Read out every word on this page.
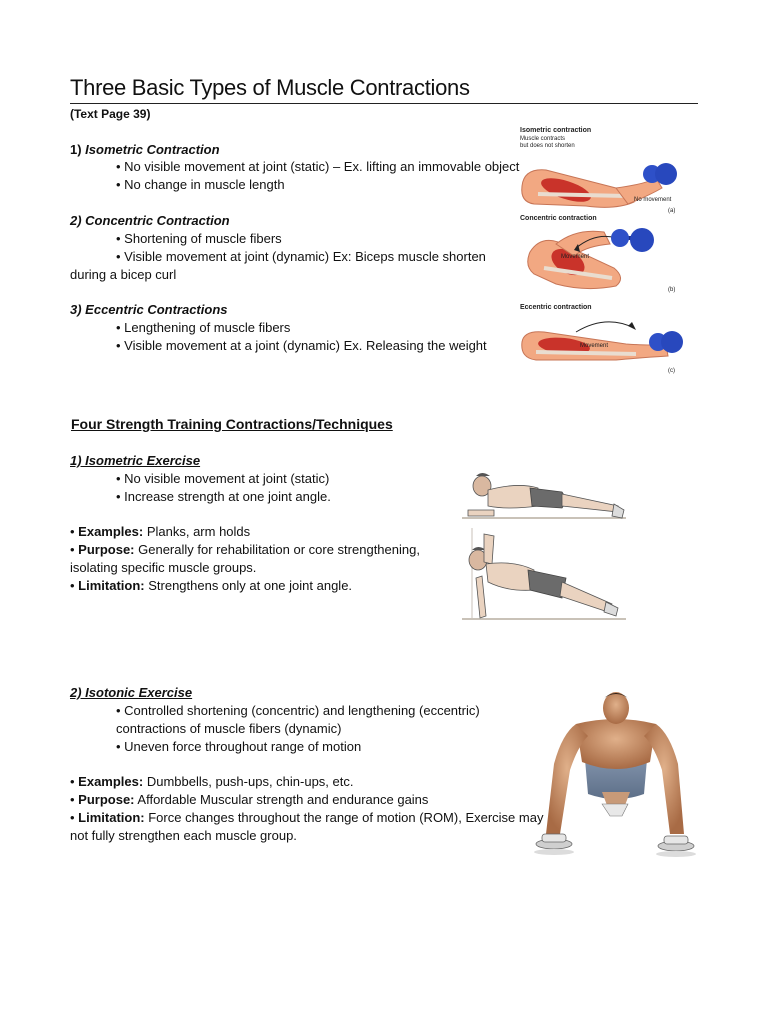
Three Basic Types of Muscle Contractions
(Text Page 39)
1) Isometric Contraction
• No visible movement at joint (static) – Ex. lifting an immovable object
• No change in muscle length
2) Concentric Contraction
• Shortening of muscle fibers
• Visible movement at joint (dynamic) Ex: Biceps muscle shorten
during a bicep curl
3) Eccentric Contractions
• Lengthening of muscle fibers
• Visible movement at a joint (dynamic) Ex. Releasing the weight
Isometric contraction
Muscle contracts
but does not shorten
No movement
(a)
Concentric contraction
Movement
(b)
Eccentric contraction
Movement
(c)
Four Strength Training Contractions/Techniques
1) Isometric Exercise
• No visible movement at joint (static)
• Increase strength at one joint angle.
• Examples: Planks, arm holds
• Purpose: Generally for rehabilitation or core strengthening,
isolating specific muscle groups.
• Limitation: Strengthens only at one joint angle.
2) Isotonic Exercise
• Controlled shortening (concentric) and lengthening (eccentric)
contractions of muscle fibers (dynamic)
• Uneven force throughout range of motion
• Examples: Dumbbells, push-ups, chin-ups, etc.
• Purpose: Affordable Muscular strength and endurance gains
• Limitation: Force changes throughout the range of motion (ROM), Exercise may
not fully strengthen each muscle group.
